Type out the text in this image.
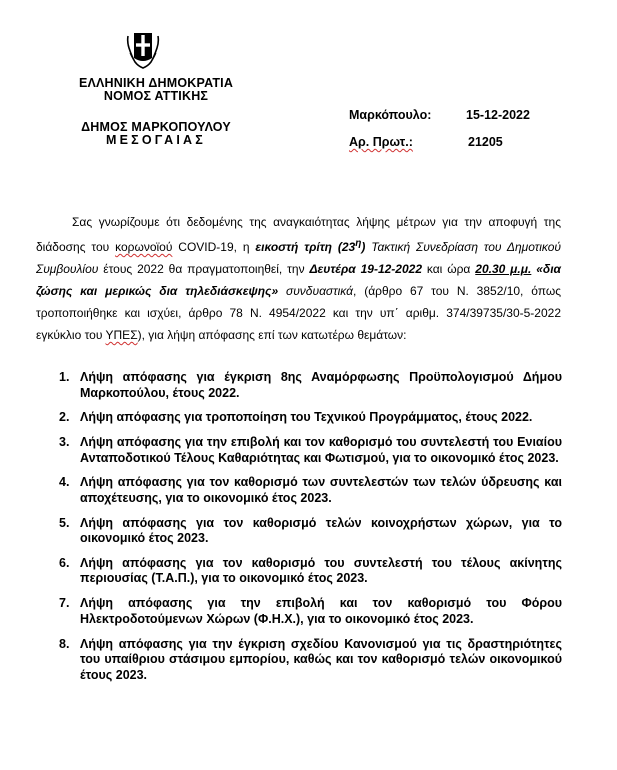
ΕΛΛΗΝΙΚΗ ΔΗΜΟΚΡΑΤΙΑ
ΝΟΜΟΣ ΑΤΤΙΚΗΣ
ΔΗΜΟΣ ΜΑΡΚΟΠΟΥΛΟΥ
ΜΕΣΟΓΑΙΑΣ
Μαρκόπουλο:	15-12-2022
Αρ. Πρωτ.:	21205

Σας γνωρίζουμε ότι δεδομένης της αναγκαιότητας λήψης μέτρων για την αποφυγή της διάδοσης του κορωνοϊού COVID-19, η εικοστή τρίτη $(23^\eta)$ Τακτική Συνεδρίαση του Δημοτικού Συμβουλίου έτους 2022 θα πραγματοποιηθεί, την Δευτέρα 19-12-2022 και ώρα 20.30 μ.μ. «δια ζώσης και μερικώς δια τηλεδιάσκεψης» συνδυαστικά, (άρθρο 67 του Ν. 3852/10, όπως τροποποιήθηκε και ισχύει, άρθρο 78 Ν. 4954/2022 και την υπ΄ αριθμ. 374/39735/30-5-2022 εγκύκλιο του ΥΠΕΣ), για λήψη απόφασης επί των κατωτέρω θεμάτων:

1. Λήψη απόφασης για έγκριση 8ης Αναμόρφωσης Προϋπολογισμού Δήμου Μαρκοπούλου, έτους 2022.
2. Λήψη απόφασης για τροποποίηση του Τεχνικού Προγράμματος, έτους 2022.
3. Λήψη απόφασης για την επιβολή και τον καθορισμό του συντελεστή του Ενιαίου Ανταποδοτικού Τέλους Καθαριότητας και Φωτισμού, για το οικονομικό έτος 2023.
4. Λήψη απόφασης για τον καθορισμό των συντελεστών των τελών ύδρευσης και αποχέτευσης, για το οικονομικό έτος 2023.
5. Λήψη απόφασης για τον καθορισμό τελών κοινοχρήστων χώρων, για το οικονομικό έτος 2023.
6. Λήψη απόφασης για τον καθορισμό του συντελεστή του τέλους ακίνητης περιουσίας (Τ.Α.Π.), για το οικονομικό έτος 2023.
7. Λήψη απόφασης για την επιβολή και τον καθορισμό του Φόρου Ηλεκτροδοτούμενων Χώρων (Φ.Η.Χ.), για το οικονομικό έτος 2023.
8. Λήψη απόφασης για την έγκριση σχεδίου Κανονισμού για τις δραστηριότητες του υπαίθριου στάσιμου εμπορίου, καθώς και τον καθορισμό τελών οικονομικού έτους 2023.
